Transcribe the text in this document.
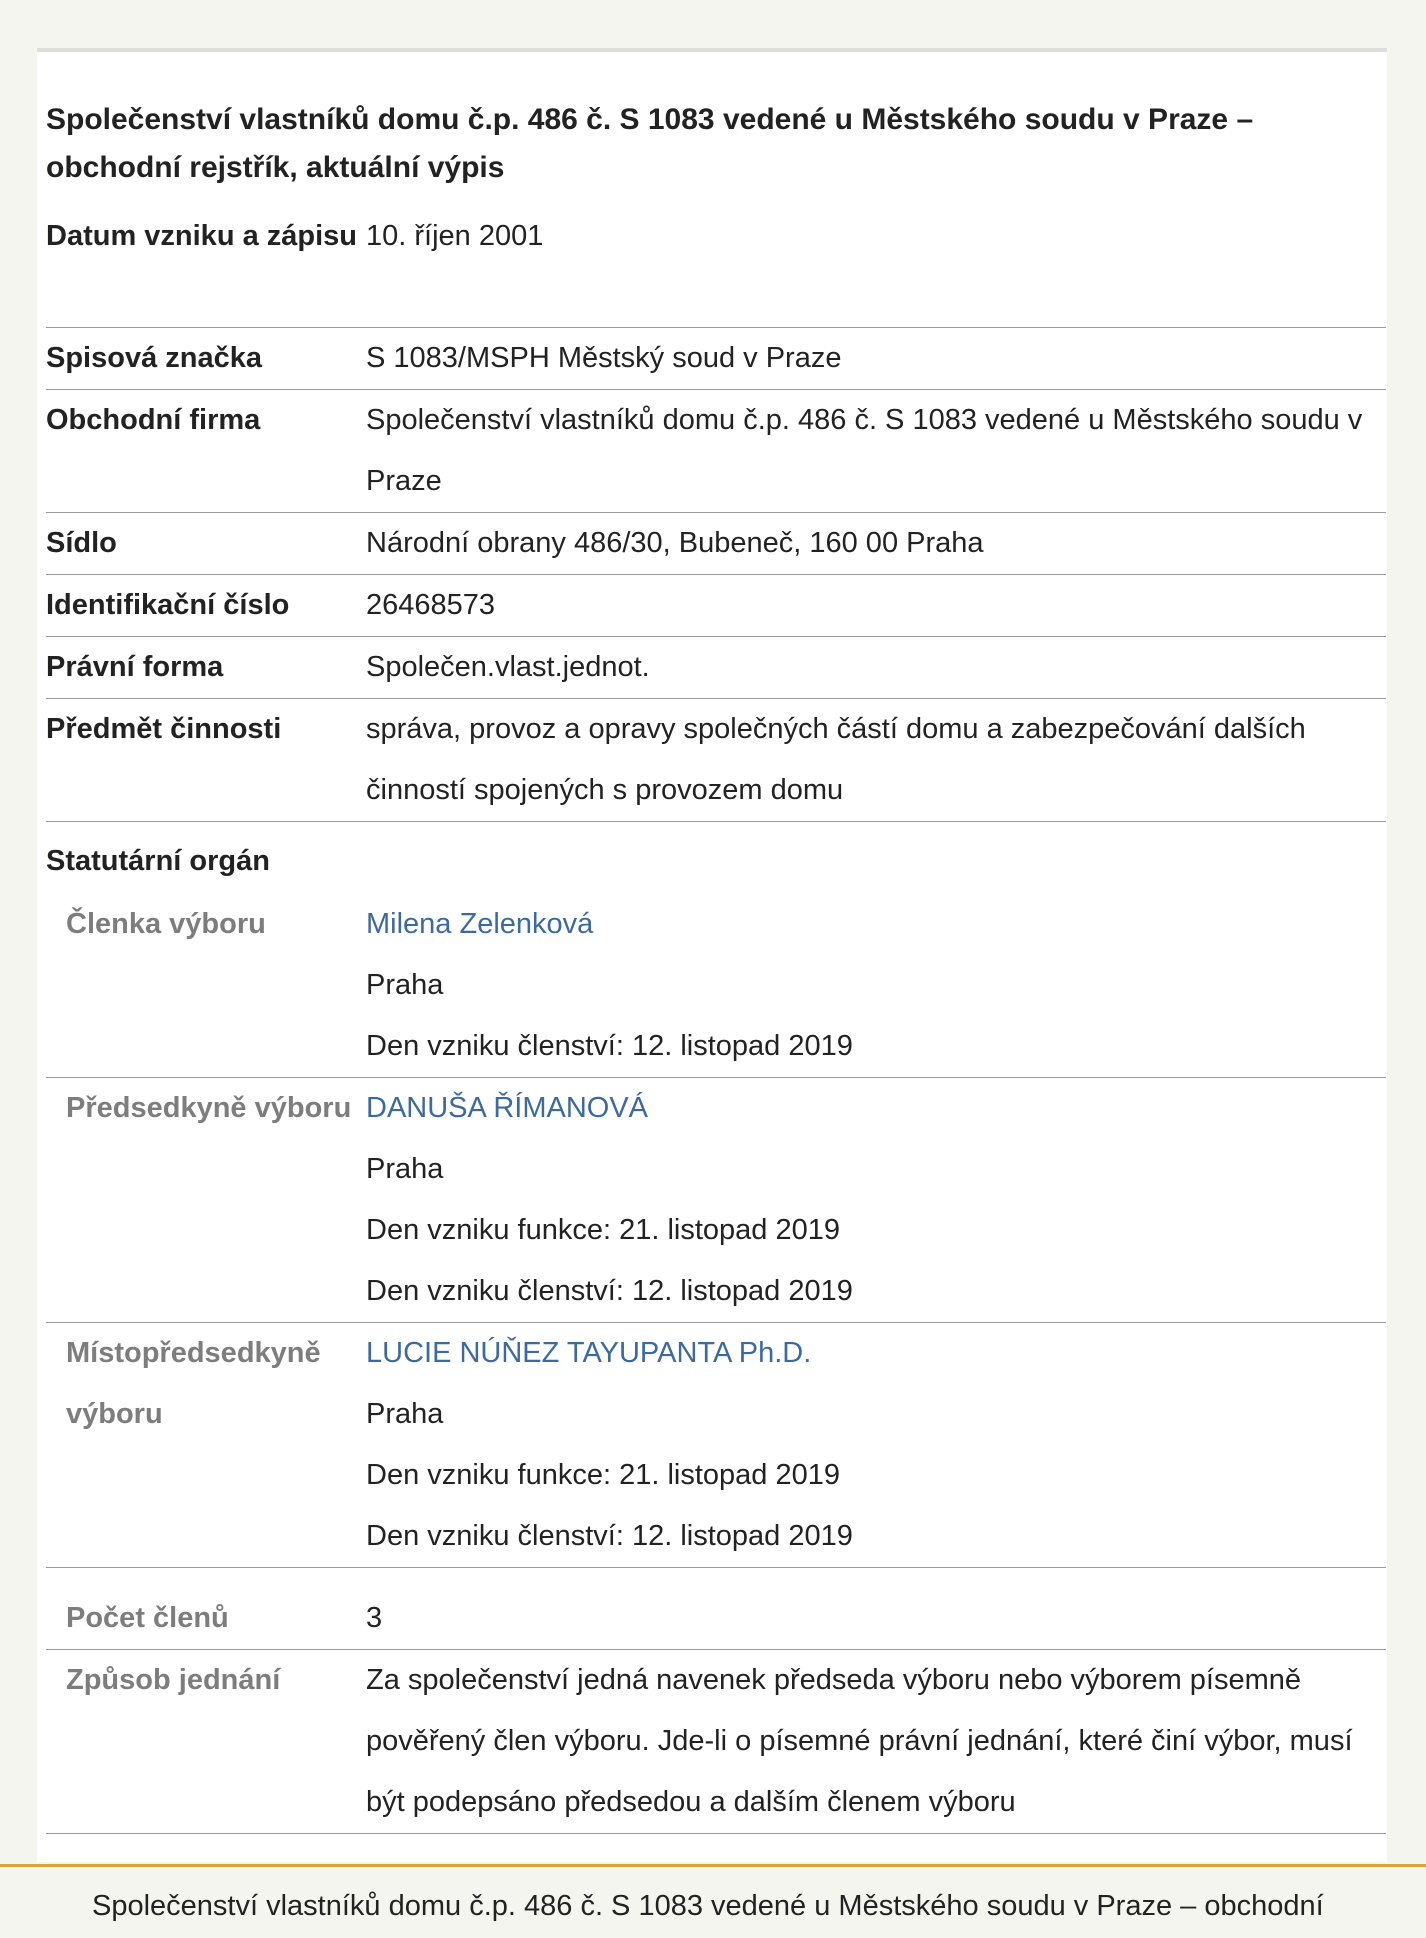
Společenství vlastníků domu č.p. 486 č. S 1083 vedené u Městského soudu v Praze – obchodní rejstřík, aktuální výpis
Datum vzniku a zápisu 10. říjen 2001
Spisová značka	S 1083/MSPH Městský soud v Praze
Obchodní firma	Společenství vlastníků domu č.p. 486 č. S 1083 vedené u Městského soudu v Praze
Sídlo	Národní obrany 486/30, Bubeneč, 160 00 Praha
Identifikační číslo	26468573
Právní forma	Společen.vlast.jednot.
Předmět činnosti	správa, provoz a opravy společných částí domu a zabezpečování dalších činností spojených s provozem domu
Statutární orgán
Členka výboru	Milena Zelenková
Praha
Den vzniku členství: 12. listopad 2019
Předsedkyně výboru DANUŠA ŘÍMANOVÁ
Praha
Den vzniku funkce: 21. listopad 2019
Den vzniku členství: 12. listopad 2019
Místopředsedkyně výboru
LUCIE NÚŇEZ TAYUPANTA Ph.D.
Praha
Den vzniku funkce: 21. listopad 2019
Den vzniku členství: 12. listopad 2019
Počet členů	3
Způsob jednání	Za společenství jedná navenek předseda výboru nebo výborem písemně pověřený člen výboru. Jde-li o písemné právní jednání, které činí výbor, musí být podepsáno předsedou a dalším členem výboru
Společenství vlastníků domu č.p. 486 č. S 1083 vedené u Městského soudu v Praze – obchodní
